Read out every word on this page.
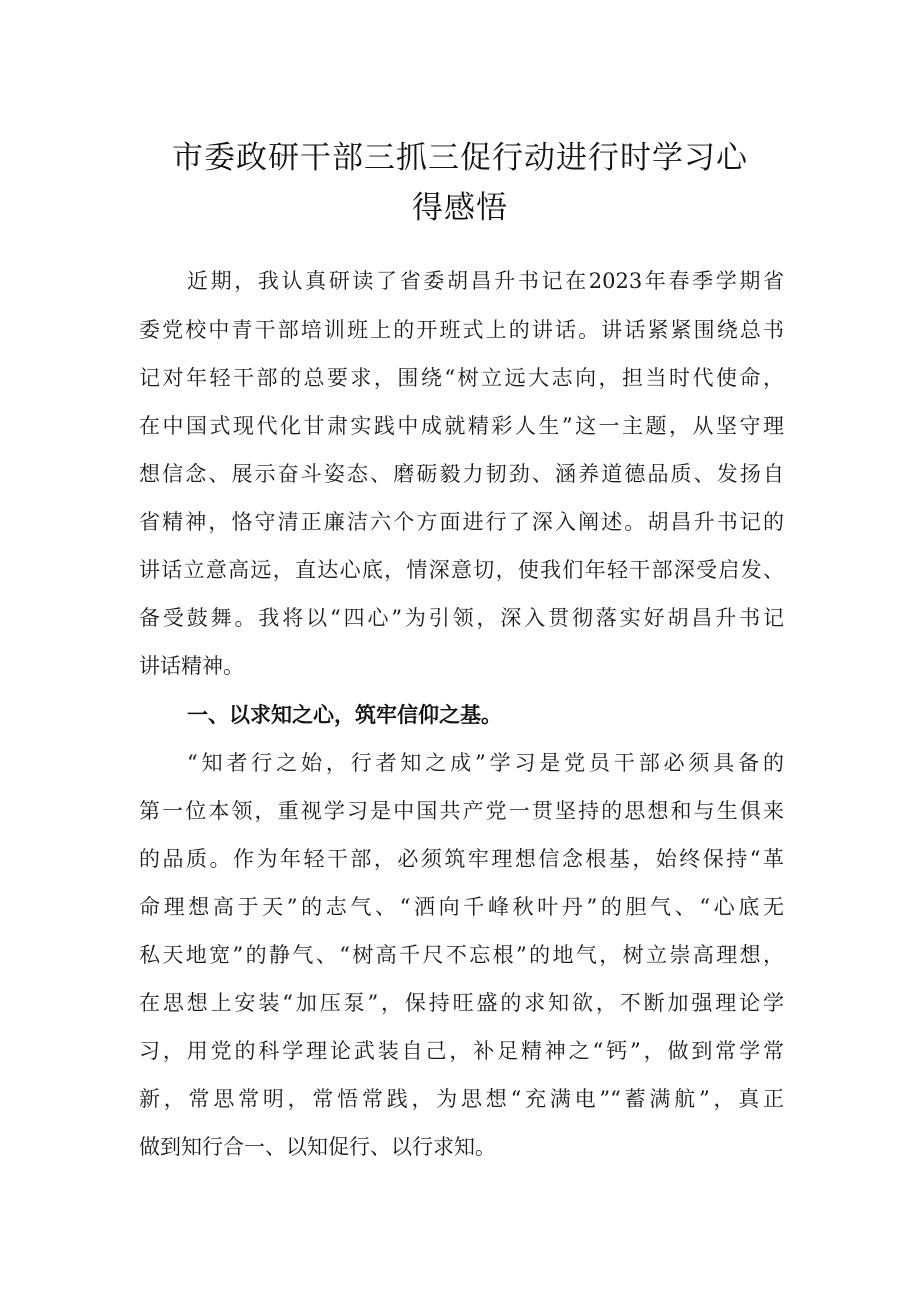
市委政研干部三抓三促行动进行时学习心
得感悟
近期，我认真研读了省委胡昌升书记在2023年春季学期省
委党校中青干部培训班上的开班式上的讲话。讲话紧紧围绕总书
记对年轻干部的总要求，围绕“树立远大志向，担当时代使命，
在中国式现代化甘肃实践中成就精彩人生”这一主题，从坚守理
想信念、展示奋斗姿态、磨砺毅力韧劲、涵养道德品质、发扬自
省精神，恪守清正廉洁六个方面进行了深入阐述。胡昌升书记的
讲话立意高远，直达心底，情深意切，使我们年轻干部深受启发、
备受鼓舞。我将以“四心”为引领，深入贯彻落实好胡昌升书记
讲话精神。
一、以求知之心，筑牢信仰之基。
“知者行之始，行者知之成”学习是党员干部必须具备的
第一位本领，重视学习是中国共产党一贯坚持的思想和与生俱来
的品质。作为年轻干部，必须筑牢理想信念根基，始终保持“革
命理想高于天”的志气、“洒向千峰秋叶丹”的胆气、“心底无
私天地宽”的静气、“树高千尺不忘根”的地气，树立崇高理想，
在思想上安装“加压泵”，保持旺盛的求知欲，不断加强理论学
习，用党的科学理论武装自己，补足精神之“钙”，做到常学常
新，常思常明，常悟常践，为思想“充满电”“蓄满航”，真正
做到知行合一、以知促行、以行求知。
